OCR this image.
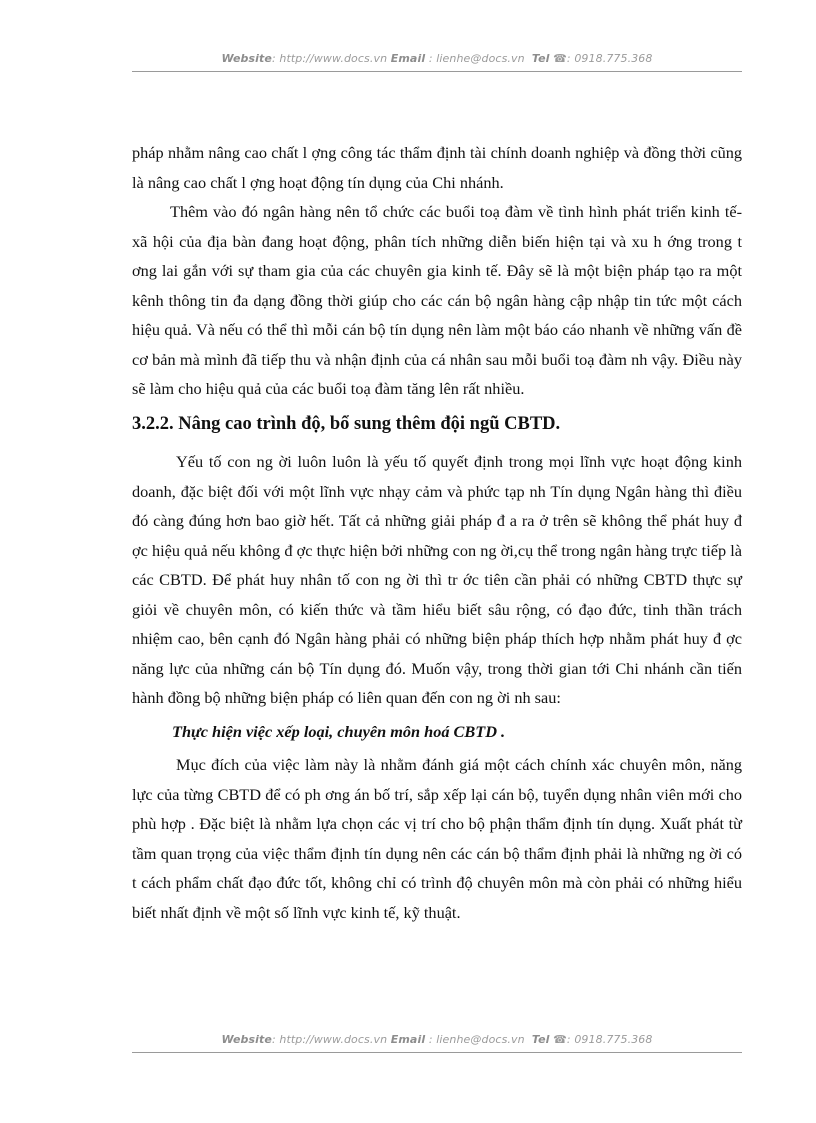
Website: http://www.docs.vn Email : lienhe@docs.vn Tel ☎: 0918.775.368

pháp nhằm nâng cao chất l ợng công tác thẩm định tài chính doanh nghiệp và đồng thời cũng là nâng cao chất l ợng hoạt động tín dụng của Chi nhánh.

Thêm vào đó ngân hàng nên tổ chức các buổi toạ đàm về tình hình phát triển kinh tế- xã hội của địa bàn đang hoạt động, phân tích những diễn biến hiện tại và xu h ớng trong t ơng lai gắn với sự tham gia của các chuyên gia kinh tế. Đây sẽ là một biện pháp tạo ra một kênh thông tin đa dạng đồng thời giúp cho các cán bộ ngân hàng cập nhập tin tức một cách hiệu quả. Và nếu có thể thì mỗi cán bộ tín dụng nên làm một báo cáo nhanh về những vấn đề cơ bản mà mình đã tiếp thu và nhận định của cá nhân sau mỗi buổi toạ đàm nh vậy. Điều này sẽ làm cho hiệu quả của các buổi toạ đàm tăng lên rất nhiều.

3.2.2. Nâng cao trình độ, bổ sung thêm đội ngũ CBTD.

Yếu tố con ng ời luôn luôn là yếu tố quyết định trong mọi lĩnh vực hoạt động kinh doanh, đặc biệt đối với một lĩnh vực nhạy cảm và phức tạp nh Tín dụng Ngân hàng thì điều đó càng đúng hơn bao giờ hết. Tất cả những giải pháp đ a ra ở trên sẽ không thể phát huy đ ợc hiệu quả nếu không đ ợc thực hiện bởi những con ng ời,cụ thể trong ngân hàng trực tiếp là các CBTD. Để phát huy nhân tố con ng ời thì tr ớc tiên cần phải có những CBTD thực sự giỏi về chuyên môn, có kiến thức và tầm hiểu biết sâu rộng, có đạo đức, tinh thần trách nhiệm cao, bên cạnh đó Ngân hàng phải có những biện pháp thích hợp nhằm phát huy đ ợc năng lực của những cán bộ Tín dụng đó. Muốn vậy, trong thời gian tới Chi nhánh cần tiến hành đồng bộ những biện pháp có liên quan đến con ng ời nh sau:

Thực hiện việc xếp loại, chuyên môn hoá CBTD .

Mục đích của việc làm này là nhằm đánh giá một cách chính xác chuyên môn, năng lực của từng CBTD để có ph ơng án bố trí, sắp xếp lại cán bộ, tuyển dụng nhân viên mới cho phù hợp . Đặc biệt là nhằm lựa chọn các vị trí cho bộ phận thẩm định tín dụng. Xuất phát từ tầm quan trọng của việc thẩm định tín dụng nên các cán bộ thẩm định phải là những ng ời có t cách phẩm chất đạo đức tốt, không chỉ có trình độ chuyên môn mà còn phải có những hiểu biết nhất định về một số lĩnh vực kinh tế, kỹ thuật.

Website: http://www.docs.vn Email : lienhe@docs.vn Tel ☎: 0918.775.368
